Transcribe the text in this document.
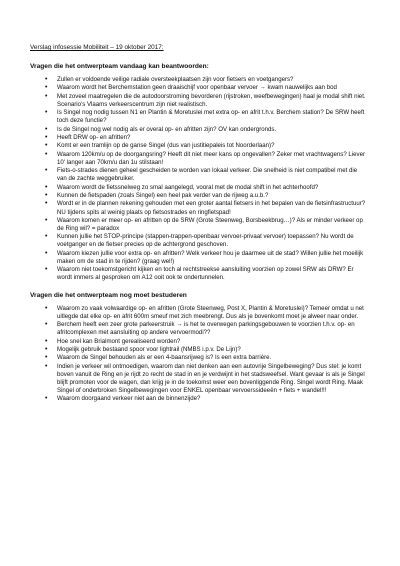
Verslag infosessie Mobiliteit – 19 oktober 2017:
Vragen die het ontwerpteam vandaag kan beantwoorden:
• Zullen er voldoende veilige radiale oversteekplaatsen zijn voor fietsers en voetgangers?
• Waarom wordt het Berchemstation geen draaischijf voor openbaar vervoer → kwam nauwelijks aan bod
• Met zoveel maatregelen die de autodoorstroming bevorderen (rijstroken, weefbewegingen) haal je modal shift niet. Scenario's Vlaams verkeerscentrum zijn niet realistisch.
• Is Singel nog nodig tussen N1 en Plantin & Moretuslei met extra op- en afrit t.h.v. Berchem station? De SRW heeft toch deze functie?
• Is de Singel nog wel nodig als er overal op- en afritten zijn? OV kan ondergronds.
• Heeft DRW op- en afritten?
• Komt er een tramlijn op de ganse Singel (dus van justitiepaleis tot Noorderlaan)?
• Waarom 120km/u op de doorgangsring? Heeft dit niet meer kans op ongevallen? Zeker met vrachtwagens? Liever 10' langer aan 70km/u dan 1u stilstaan!
• Fiets-o-strades dienen geheel gescheiden te worden van lokaal verkeer. Die snelheid is niet compatibel met die van de zachte weggebruiker.
• Waarom wordt de fietssnelweg zo smal aangelegd, vooral met de modal shift in het achterhoofd?
• Kunnen de fietspaden (zoals Singel) een heel pak verder van de rijweg a.u.b.?
• Wordt er in de plannen rekening gehouden met een groter aantal fietsers in het bepalen van de fietsinfrastructuur? NU tijdens spits al weinig plaats op fietsostrades en ringfietspad!
• Waarom komen er meer op- en afritten op de SRW (Grote Steenweg, Borsbeekbrug…)? Als er minder verkeer op de Ring wil? = paradox
• Kunnen jullie het STOP-principe (stappen-trappen-openbaar vervoer-privaat vervoer) toepassen? Nu wordt de voetganger en de fietser precies op de achtergrond geschoven.
• Waarom kiezen jullie voor extra op- en afritten? Welk verkeer hou je daarmee uit de stad? Willen jullie het moeilijk maken om de stad in te rijden? (graag wel!)
• Waarom niet toekomstgericht kijken en toch al rechtstreekse aansluiting voorzien op zowel SRW als DRW? Er wordt immers al gesproken om A12 ooit ook te ondertunnelen.
Vragen die het ontwerpteam nog moet bestuderen
• Waarom zo vaak volwaardige op- en afritten (Grote Steenweg, Post X, Plantin & Moretuslei)? Temeer omdat u net uitlegde dat elke op- en afrit 600m smeuf met zich meebrengt. Dus als je bovenkomt moet je alweer naar onder.
• Berchem heeft een zeer grote parkeerstruik → is het te overwegen parkingsgebouwen te voorzien t.h.v. op- en afritcomplexen met aansluiting op andere vervoermodi??
• Hoe snel kan Brialmont gerealiseerd worden?
• Mogelijk gebruik bestaand spoor voor lightrail (NMBS i.p.v. De Lijn)?
• Waarom de Singel behouden als er een 4-baansrijweg is? Is een extra barrière.
• Indien je verkeer wil ontmoedigen, waarom dan niet denken aan een autovrije Singelbeweging? Dus stel: je komt boven vanuit de Ring en je rijdt zo recht de stad in en je verdwijnt in het stadsweefsel. Want gevaar is als je Singel blijft promoten voor de wagen, dan krijg je in de toekomst weer een bovenliggende Ring. Singel wordt Ring. Maak Singel of onderbroken Singelbewegingen voor ENKEL openbaar vervoerssideeën + fiets + wandel!!!
• Waarom doorgaand verkeer niet aan de binnenzijde?
